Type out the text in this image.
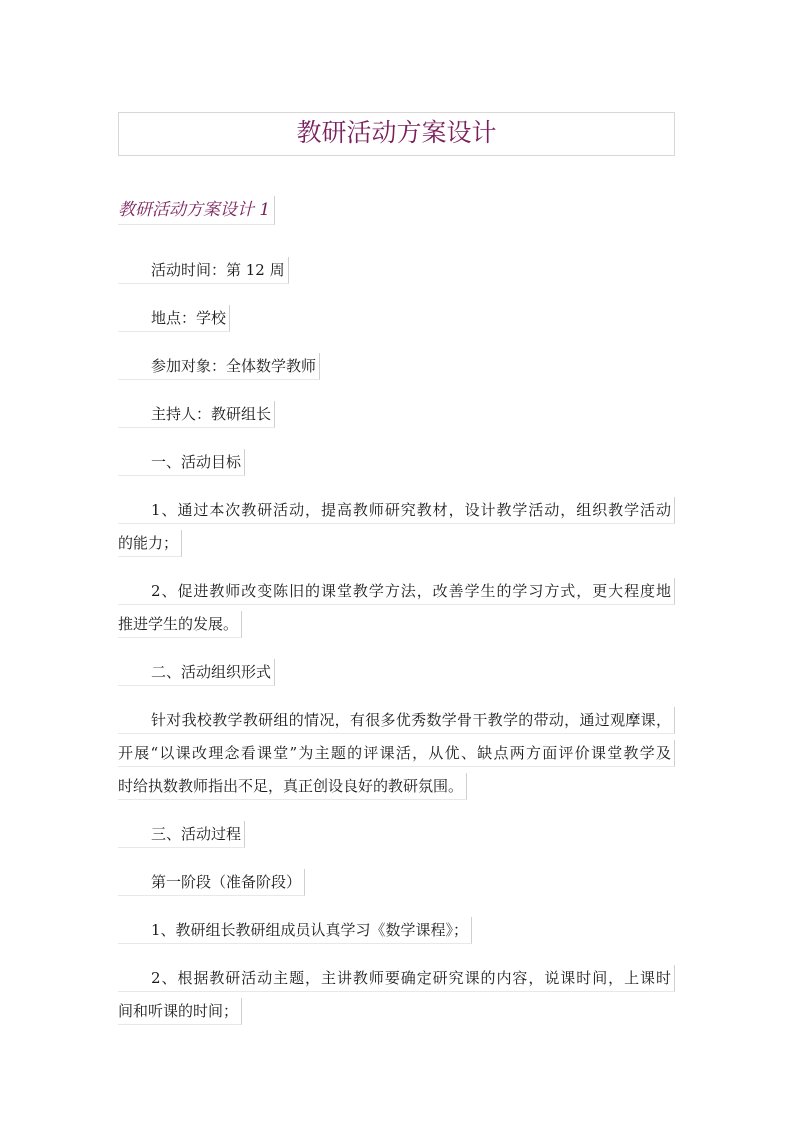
教研活动方案设计
教研活动方案设计 1
活动时间：第 12 周
地点：学校
参加对象：全体数学教师
主持人：教研组长
一、活动目标
1、通过本次教研活动，提高教师研究教材，设计教学活动，组织教学活动
的能力；
2、促进教师改变陈旧的课堂教学方法，改善学生的学习方式，更大程度地
推进学生的发展。
二、活动组织形式
针对我校教学教研组的情况，有很多优秀数学骨干教学的带动，通过观摩课，
开展“以课改理念看课堂”为主题的评课活，从优、缺点两方面评价课堂教学及
时给执数教师指出不足，真正创设良好的教研氛围。
三、活动过程
第一阶段（准备阶段）
1、教研组长教研组成员认真学习《数学课程》；
2、根据教研活动主题，主讲教师要确定研究课的内容，说课时间，上课时
间和听课的时间；
